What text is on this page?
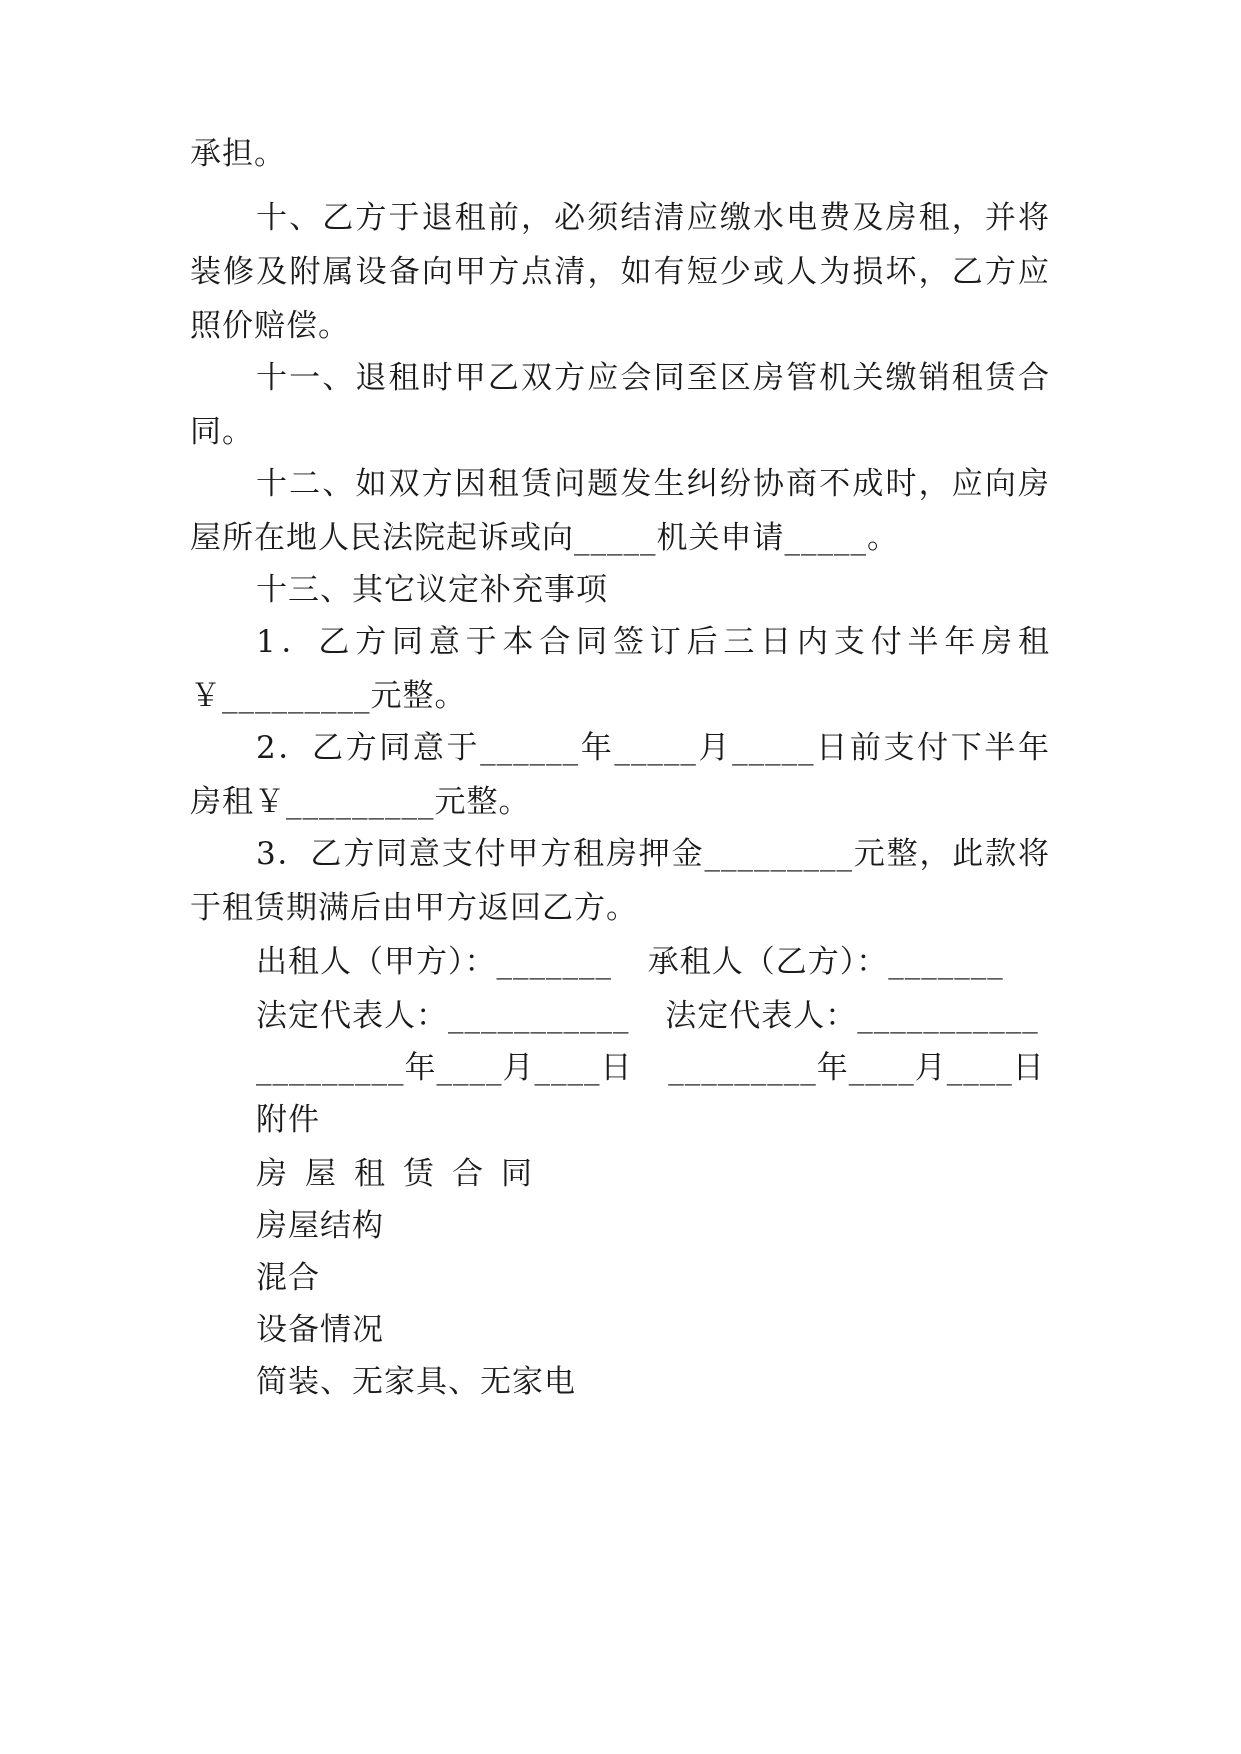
承担。
十、乙方于退租前，必须结清应缴水电费及房租，并将
装修及附属设备向甲方点清，如有短少或人为损坏，乙方应
照价赔偿。
十一、退租时甲乙双方应会同至区房管机关缴销租赁合
同。
十二、如双方因租赁问题发生纠纷协商不成时，应向房
屋所在地人民法院起诉或向_____机关申请_____。
十三、其它议定补充事项
1．乙方同意于本合同签订后三日内支付半年房租
￥_________元整。
2．乙方同意于______年_____月_____日前支付下半年
房租￥_________元整。
3．乙方同意支付甲方租房押金_________元整，此款将
于租赁期满后由甲方返回乙方。
出租人（甲方）：_______ 承租人（乙方）：_______
法定代表人：___________ 法定代表人：___________
_________年____月____日 _________年____月____日
附件
房屋租赁合同
房屋结构
混合
设备情况
简装、无家具、无家电
